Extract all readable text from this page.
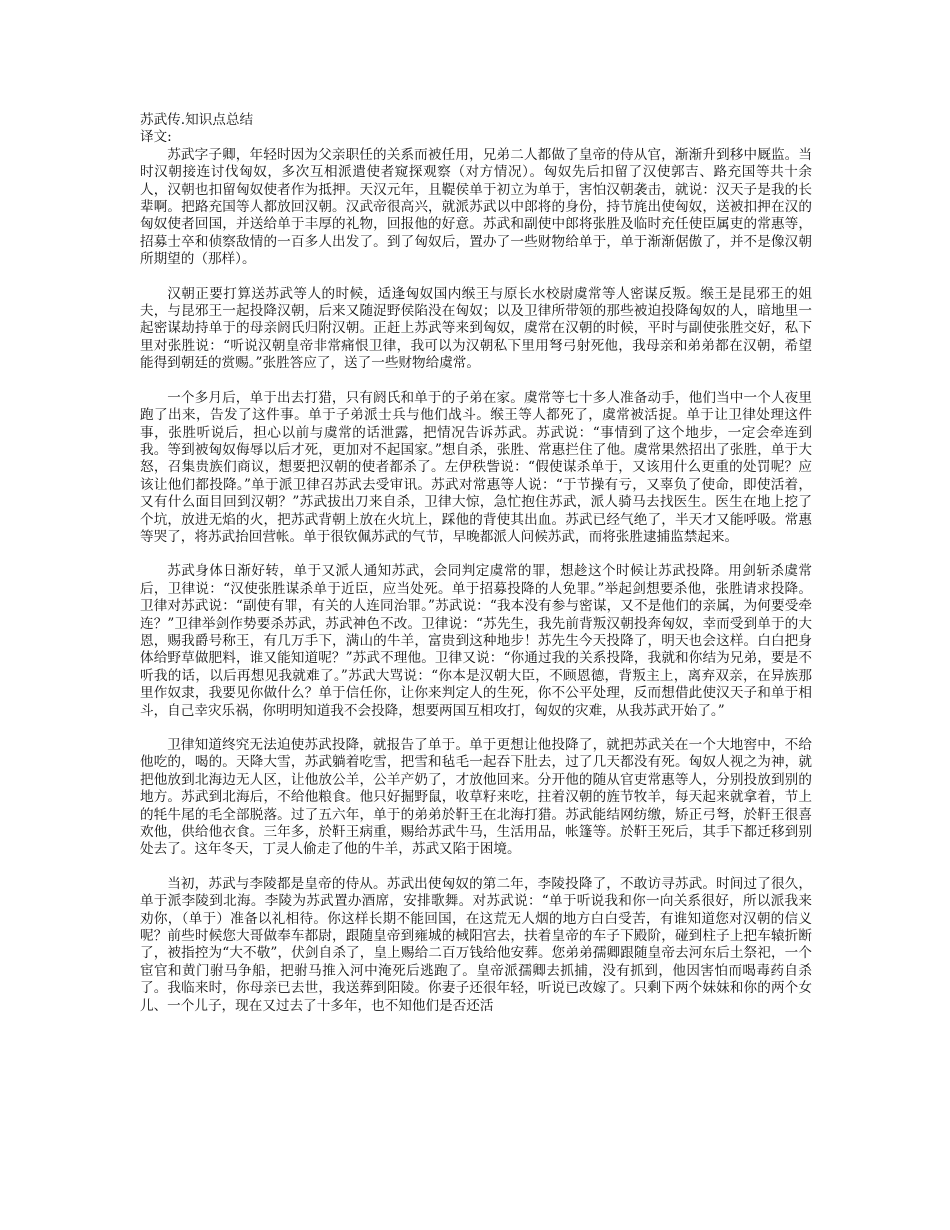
苏武传.知识点总结
译文:

苏武字子卿，年轻时因为父亲职任的关系而被任用，兄弟二人都做了皇帝的侍从官，渐渐升到移中厩监。当时汉朝接连讨伐匈奴，多次互相派遣使者窥探观察（对方情况）。匈奴先后扣留了汉使郭吉、路充国等共十余人，汉朝也扣留匈奴使者作为抵押。天汉元年，且鞮侯单于初立为单于，害怕汉朝袭击，就说：汉天子是我的长辈啊。把路充国等人都放回汉朝。汉武帝很高兴，就派苏武以中郎将的身份，持节旄出使匈奴，送被扣押在汉的匈奴使者回国，并送给单于丰厚的礼物，回报他的好意。苏武和副使中郎将张胜及临时充任使臣属吏的常惠等，招募士卒和侦察敌情的一百多人出发了。到了匈奴后，置办了一些财物给单于，单于渐渐倨傲了，并不是像汉朝所期望的（那样）。

汉朝正要打算送苏武等人的时候，适逢匈奴国内缑王与原长水校尉虞常等人密谋反叛。缑王是昆邪王的姐夫，与昆邪王一起投降汉朝，后来又随浞野侯陷没在匈奴；以及卫律所带领的那些被迫投降匈奴的人，暗地里一起密谋劫持单于的母亲阏氏归附汉朝。正赶上苏武等来到匈奴，虞常在汉朝的时候，平时与副使张胜交好，私下里对张胜说：“听说汉朝皇帝非常痛恨卫律，我可以为汉朝私下里用弩弓射死他，我母亲和弟弟都在汉朝，希望能得到朝廷的赏赐。”张胜答应了，送了一些财物给虞常。

一个多月后，单于出去打猎，只有阏氏和单于的子弟在家。虞常等七十多人准备动手，他们当中一个人夜里跑了出来，告发了这件事。单于子弟派士兵与他们战斗。缑王等人都死了，虞常被活捉。单于让卫律处理这件事，张胜听说后，担心以前与虞常的话泄露，把情况告诉苏武。苏武说：“事情到了这个地步，一定会牵连到我。等到被匈奴侮辱以后才死，更加对不起国家。”想自杀，张胜、常惠拦住了他。虞常果然招出了张胜，单于大怒，召集贵族们商议，想要把汉朝的使者都杀了。左伊秩訾说：“假使谋杀单于，又该用什么更重的处罚呢？应该让他们都投降。”单于派卫律召苏武去受审讯。苏武对常惠等人说：“于节操有亏，又辜负了使命，即使活着，又有什么面目回到汉朝？”苏武拔出刀来自杀，卫律大惊，急忙抱住苏武，派人骑马去找医生。医生在地上挖了个坑，放进无焰的火，把苏武背朝上放在火坑上，踩他的背使其出血。苏武已经气绝了，半天才又能呼吸。常惠等哭了，将苏武抬回营帐。单于很钦佩苏武的气节，早晚都派人问候苏武，而将张胜逮捕监禁起来。

苏武身体日渐好转，单于又派人通知苏武，会同判定虞常的罪，想趁这个时候让苏武投降。用剑斩杀虞常后，卫律说：“汉使张胜谋杀单于近臣，应当处死。单于招募投降的人免罪。”举起剑想要杀他，张胜请求投降。卫律对苏武说：“副使有罪，有关的人连同治罪。”苏武说：“我本没有参与密谋，又不是他们的亲属，为何要受牵连？”卫律举剑作势要杀苏武，苏武神色不改。卫律说：“苏先生，我先前背叛汉朝投奔匈奴，幸而受到单于的大恩，赐我爵号称王，有几万手下，满山的牛羊，富贵到这种地步！苏先生今天投降了，明天也会这样。白白把身体给野草做肥料，谁又能知道呢？”苏武不理他。卫律又说：“你通过我的关系投降，我就和你结为兄弟，要是不听我的话，以后再想见我就难了。”苏武大骂说：“你本是汉朝大臣，不顾恩德，背叛主上，离弃双亲，在异族那里作奴隶，我要见你做什么？单于信任你，让你来判定人的生死，你不公平处理，反而想借此使汉天子和单于相斗，自己幸灾乐祸，你明明知道我不会投降，想要两国互相攻打，匈奴的灾难，从我苏武开始了。”

卫律知道终究无法迫使苏武投降，就报告了单于。单于更想让他投降了，就把苏武关在一个大地窖中，不给他吃的，喝的。天降大雪，苏武躺着吃雪，把雪和毡毛一起吞下肚去，过了几天都没有死。匈奴人视之为神，就把他放到北海边无人区，让他放公羊，公羊产奶了，才放他回来。分开他的随从官吏常惠等人，分别投放到别的地方。苏武到北海后，不给他粮食。他只好掘野鼠，收草籽来吃，拄着汉朝的旌节牧羊，每天起来就拿着，节上的牦牛尾的毛全部脱落。过了五六年，单于的弟弟於靬王在北海打猎。苏武能结网纺缴，矫正弓弩，於靬王很喜欢他，供给他衣食。三年多，於靬王病重，赐给苏武牛马，生活用品，帐篷等。於靬王死后，其手下都迁移到别处去了。这年冬天，丁灵人偷走了他的牛羊，苏武又陷于困境。

当初，苏武与李陵都是皇帝的侍从。苏武出使匈奴的第二年，李陵投降了，不敢访寻苏武。时间过了很久，单于派李陵到北海。李陵为苏武置办酒席，安排歌舞。对苏武说：“单于听说我和你一向关系很好，所以派我来劝你，（单于）准备以礼相待。你这样长期不能回国，在这荒无人烟的地方白白受苦，有谁知道您对汉朝的信义呢？前些时候您大哥做奉车都尉，跟随皇帝到雍城的棫阳宫去，扶着皇帝的车子下殿阶，碰到柱子上把车辕折断了，被指控为“大不敬”，伏剑自杀了，皇上赐给二百万钱给他安葬。您弟弟孺卿跟随皇帝去河东后土祭祀，一个宦官和黄门驸马争船，把驸马推入河中淹死后逃跑了。皇帝派孺卿去抓捕，没有抓到，他因害怕而喝毒药自杀了。我临来时，你母亲已去世，我送葬到阳陵。你妻子还很年轻，听说已改嫁了。只剩下两个妹妹和你的两个女儿、一个儿子，现在又过去了十多年，也不知他们是否还活
